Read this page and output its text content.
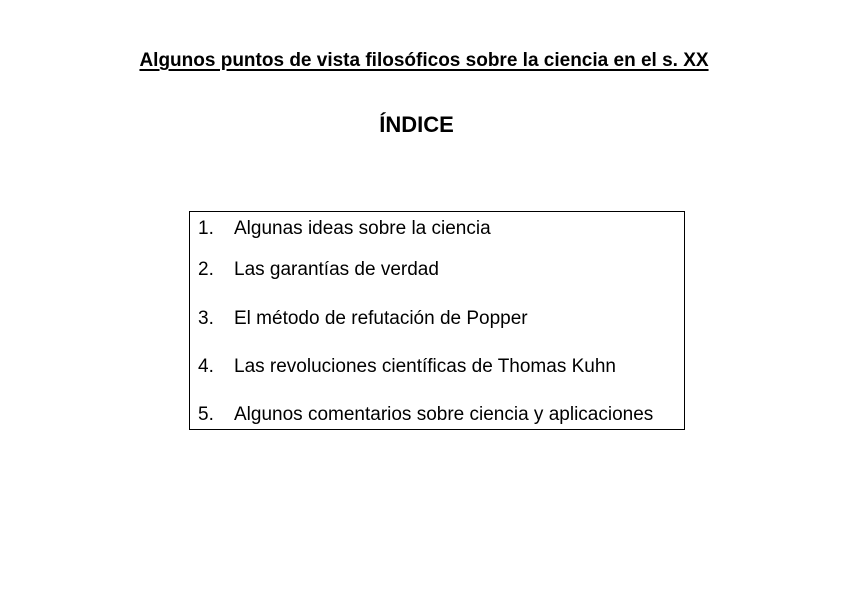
Algunos puntos de vista filosóficos sobre la ciencia en el s. XX
ÍNDICE
1. Algunas ideas sobre la ciencia
2. Las garantías de verdad
3. El método de refutación de Popper
4. Las revoluciones científicas de Thomas Kuhn
5. Algunos comentarios sobre ciencia y aplicaciones
